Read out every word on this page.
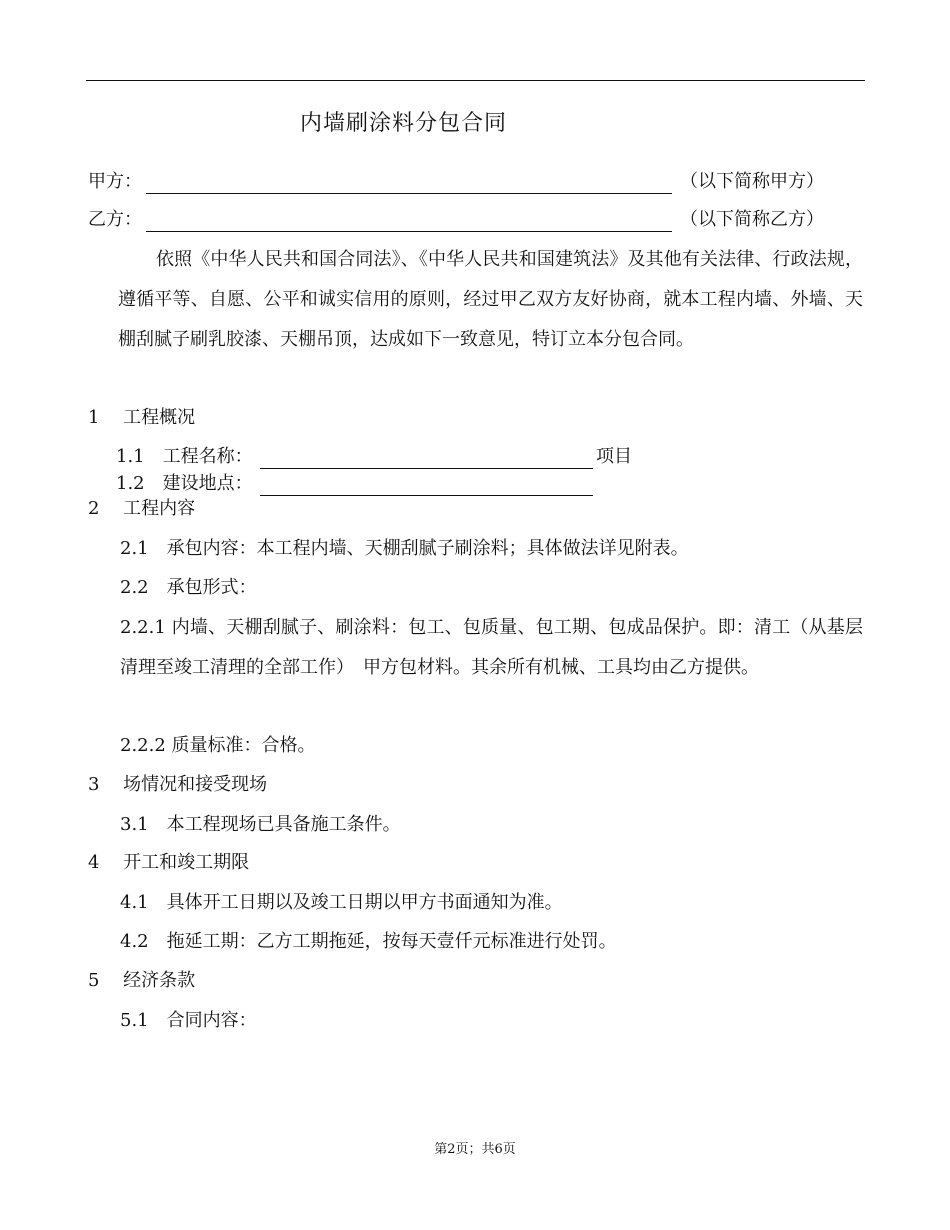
内墙刷涂料分包合同
甲方：	（以下简称甲方）
乙方：	（以下简称乙方）
依照《中华人民共和国合同法》、《中华人民共和国建筑法》及其他有关法律、行政法规，遵循平等、自愿、公平和诚实信用的原则，经过甲乙双方友好协商，就本工程内墙、外墙、天棚刮腻子刷乳胶漆、天棚吊顶，达成如下一致意见，特订立本分包合同。
1　 工程概况
1.1　工程名称：	项目
1.2　建设地点：
2　 工程内容
2.1　承包内容：本工程内墙、天棚刮腻子刷涂料；具体做法详见附表。
2.2　承包形式：
2.2.1 内墙、天棚刮腻子、刷涂料：包工、包质量、包工期、包成品保护。即：清工（从基层清理至竣工清理的全部工作）　甲方包材料。其余所有机械、工具均由乙方提供。
2.2.2 质量标准：合格。
3　 场情况和接受现场
3.1　本工程现场已具备施工条件。
4　 开工和竣工期限
4.1　具体开工日期以及竣工日期以甲方书面通知为准。
4.2　拖延工期：乙方工期拖延，按每天壹仟元标准进行处罚。
5　 经济条款
5.1　合同内容：
第2页；共6页
